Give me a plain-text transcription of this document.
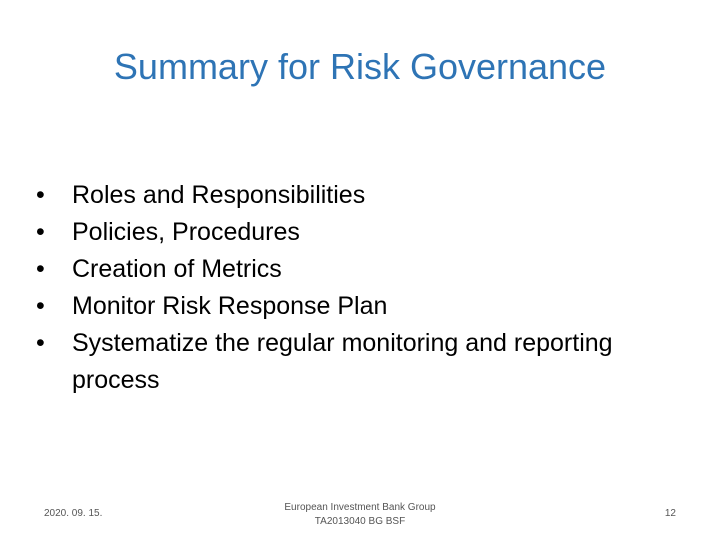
Summary for Risk Governance
• Roles and Responsibilities
• Policies, Procedures
• Creation of Metrics
• Monitor Risk Response Plan
• Systematize the regular monitoring and reporting process
2020. 09. 15.
European Investment Bank Group
TA2013040 BG BSF
12
